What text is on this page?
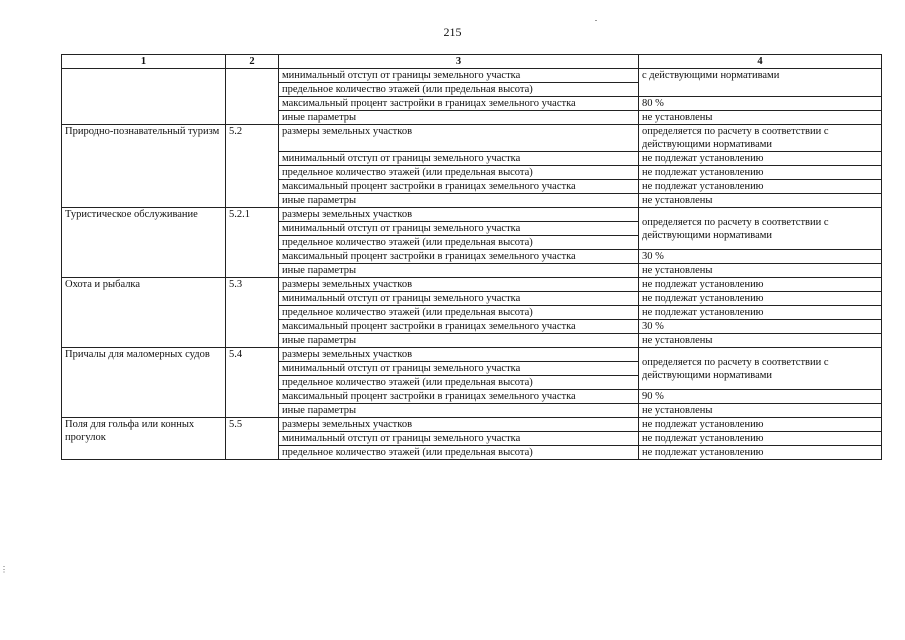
215
1	2	3	4
		минимальный отступ от границы земельного участка	с действующими нормативами
		предельное количество этажей (или предельная высота)	
		максимальный процент застройки в границах земельного участка	80 %
		иные параметры	не установлены
Природно-познавательный туризм	5.2	размеры земельных участков	определяется по расчету в соответствии с действующими нормативами
		минимальный отступ от границы земельного участка	не подлежат установлению
		предельное количество этажей (или предельная высота)	не подлежат установлению
		максимальный процент застройки в границах земельного участка	не подлежат установлению
		иные параметры	не установлены
Туристическое обслуживание	5.2.1	размеры земельных участков	определяется по расчету в соответствии с действующими нормативами
		минимальный отступ от границы земельного участка	
		предельное количество этажей (или предельная высота)	
		максимальный процент застройки в границах земельного участка	30 %
		иные параметры	не установлены
Охота и рыбалка	5.3	размеры земельных участков	не подлежат установлению
		минимальный отступ от границы земельного участка	не подлежат установлению
		предельное количество этажей (или предельная высота)	не подлежат установлению
		максимальный процент застройки в границах земельного участка	30 %
		иные параметры	не установлены
Причалы для маломерных судов	5.4	размеры земельных участков	определяется по расчету в соответствии с действующими нормативами
		минимальный отступ от границы земельного участка	
		предельное количество этажей (или предельная высота)	
		максимальный процент застройки в границах земельного участка	90 %
		иные параметры	не установлены
Поля для гольфа или конных прогулок	5.5	размеры земельных участков	не подлежат установлению
		минимальный отступ от границы земельного участка	не подлежат установлению
		предельное количество этажей (или предельная высота)	не подлежат установлению
⋮
